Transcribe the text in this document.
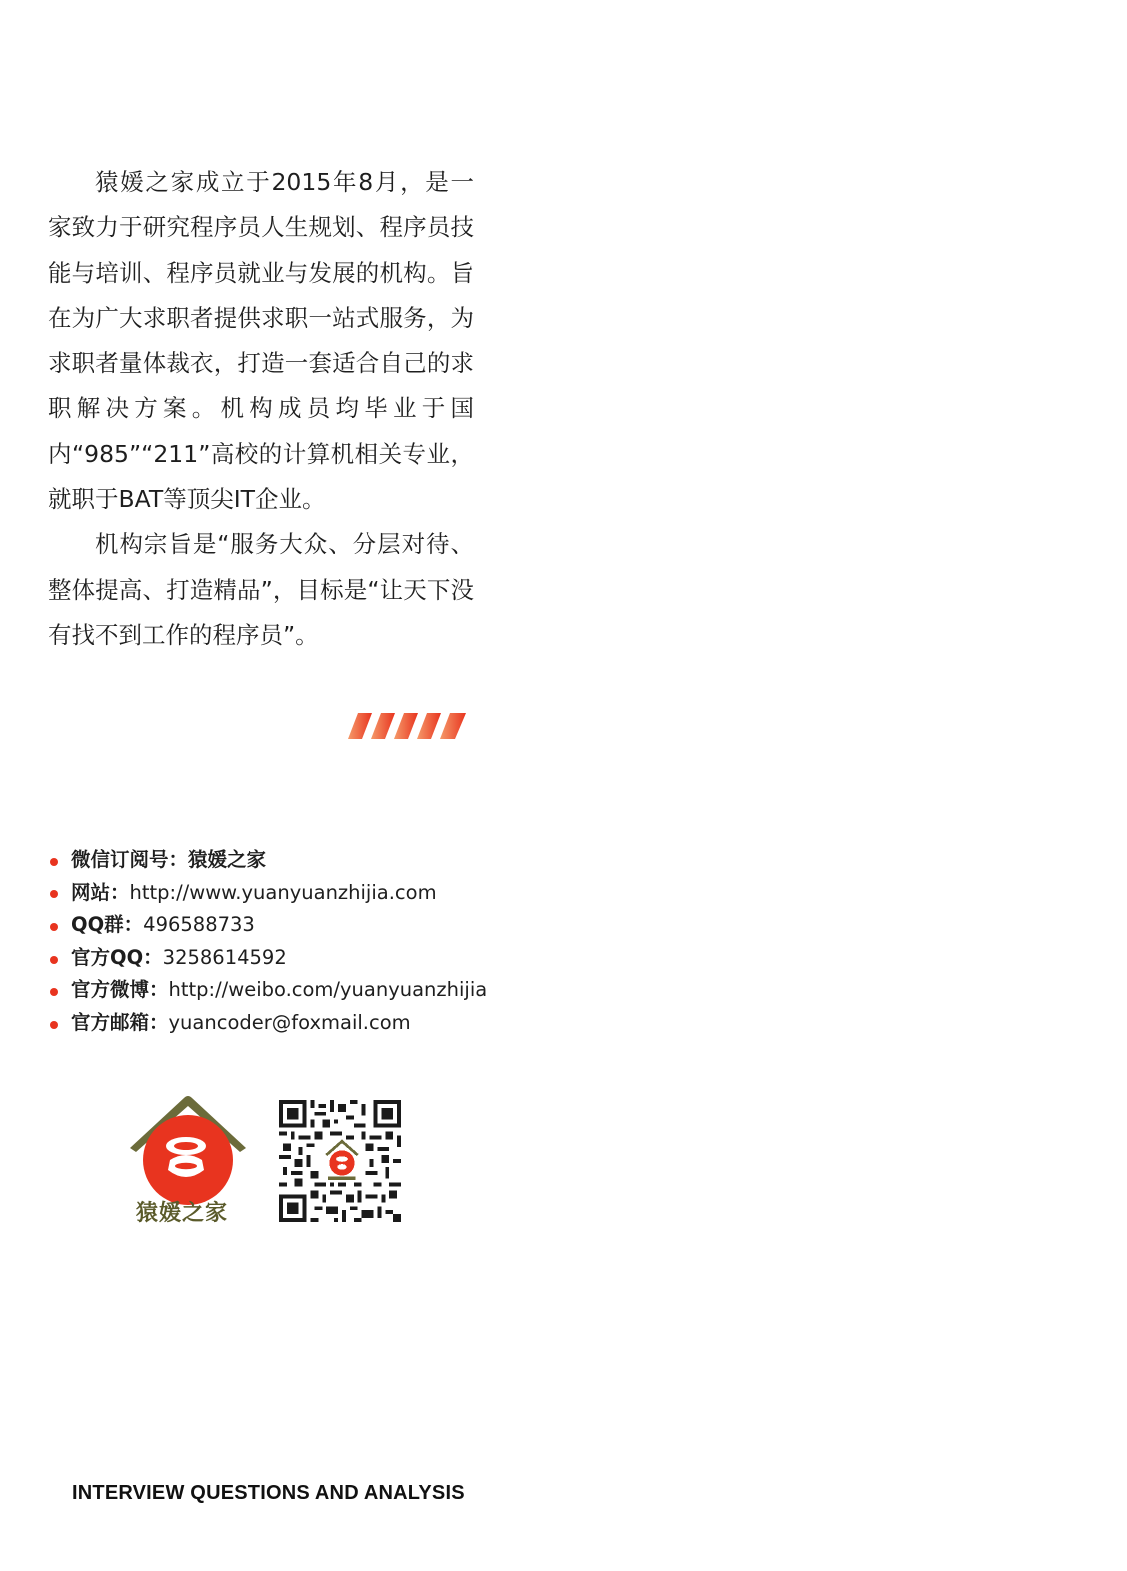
猿媛之家成立于2015年8月，是一家致力于研究程序员人生规划、程序员技能与培训、程序员就业与发展的机构。旨在为广大求职者提供求职一站式服务，为求职者量体裁衣，打造一套适合自己的求职解决方案。机构成员均毕业于国内“985”“211”高校的计算机相关专业，就职于BAT等顶尖IT企业。

机构宗旨是“服务大众、分层对待、整体提高、打造精品”，目标是“让天下没有找不到工作的程序员”。

微信订阅号： 猿媛之家
网站： http://www.yuanyuanzhijia.com
QQ群： 496588733
官方QQ： 3258614592
官方微博： http://weibo.com/yuanyuanzhijia
官方邮箱： yuancoder@foxmail.com
猿媛之家
INTERVIEW QUESTIONS AND ANALYSIS
